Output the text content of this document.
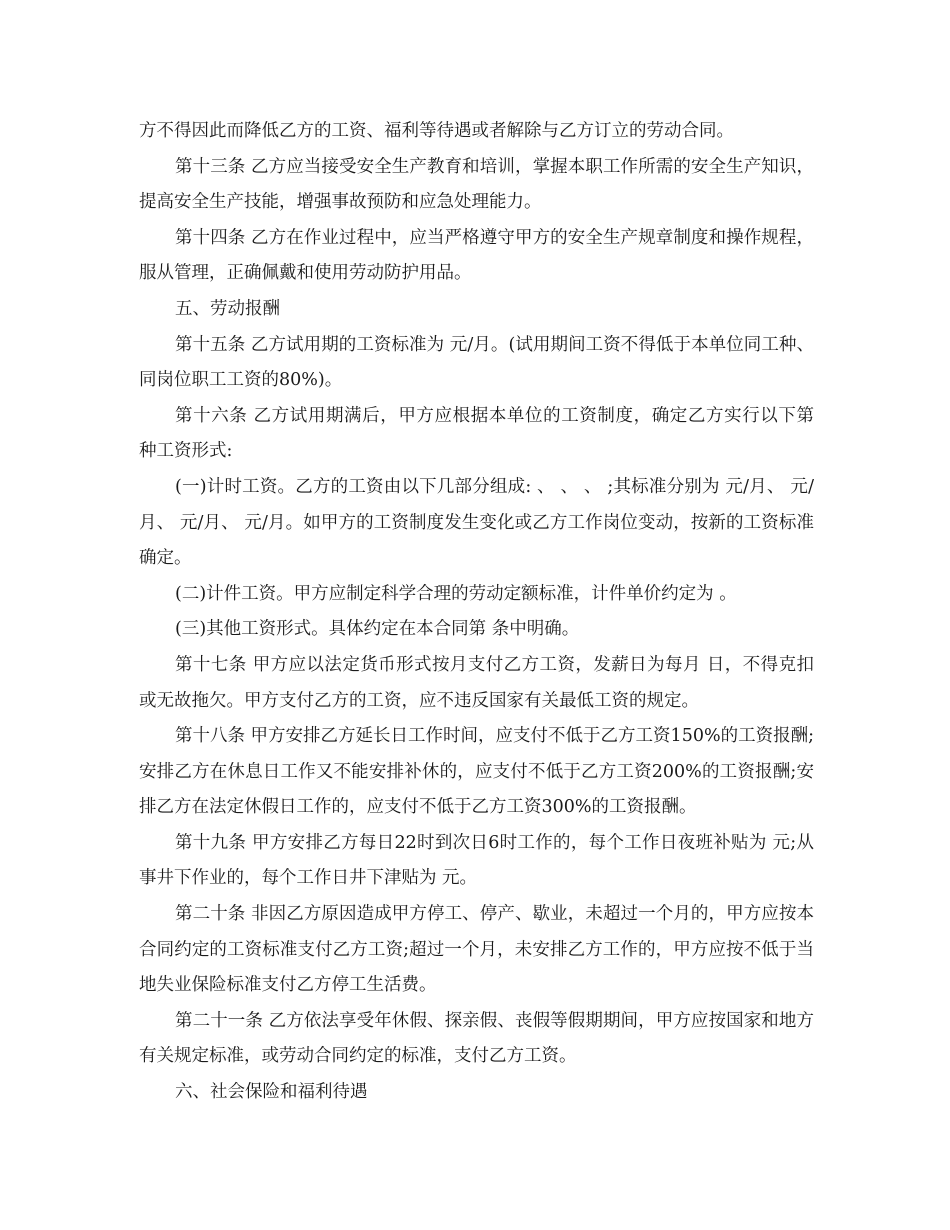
方不得因此而降低乙方的工资、福利等待遇或者解除与乙方订立的劳动合同。

第十三条 乙方应当接受安全生产教育和培训，掌握本职工作所需的安全生产知识，提高安全生产技能，增强事故预防和应急处理能力。

第十四条 乙方在作业过程中，应当严格遵守甲方的安全生产规章制度和操作规程，服从管理，正确佩戴和使用劳动防护用品。

五、劳动报酬

第十五条 乙方试用期的工资标准为 元/月。(试用期间工资不得低于本单位同工种、同岗位职工工资的80%)。

第十六条 乙方试用期满后，甲方应根据本单位的工资制度，确定乙方实行以下第 种工资形式:

(一)计时工资。乙方的工资由以下几部分组成: 、 、 、 ;其标准分别为 元/月、 元/月、 元/月、 元/月。如甲方的工资制度发生变化或乙方工作岗位变动，按新的工资标准确定。

(二)计件工资。甲方应制定科学合理的劳动定额标准，计件单价约定为 。

(三)其他工资形式。具体约定在本合同第 条中明确。

第十七条 甲方应以法定货币形式按月支付乙方工资，发薪日为每月 日，不得克扣或无故拖欠。甲方支付乙方的工资，应不违反国家有关最低工资的规定。

第十八条 甲方安排乙方延长日工作时间，应支付不低于乙方工资150%的工资报酬;安排乙方在休息日工作又不能安排补休的，应支付不低于乙方工资200%的工资报酬;安排乙方在法定休假日工作的，应支付不低于乙方工资300%的工资报酬。

第十九条 甲方安排乙方每日22时到次日6时工作的，每个工作日夜班补贴为 元;从事井下作业的，每个工作日井下津贴为 元。

第二十条 非因乙方原因造成甲方停工、停产、歇业，未超过一个月的，甲方应按本合同约定的工资标准支付乙方工资;超过一个月，未安排乙方工作的，甲方应按不低于当地失业保险标准支付乙方停工生活费。

第二十一条 乙方依法享受年休假、探亲假、丧假等假期期间，甲方应按国家和地方有关规定标准，或劳动合同约定的标准，支付乙方工资。

六、社会保险和福利待遇
